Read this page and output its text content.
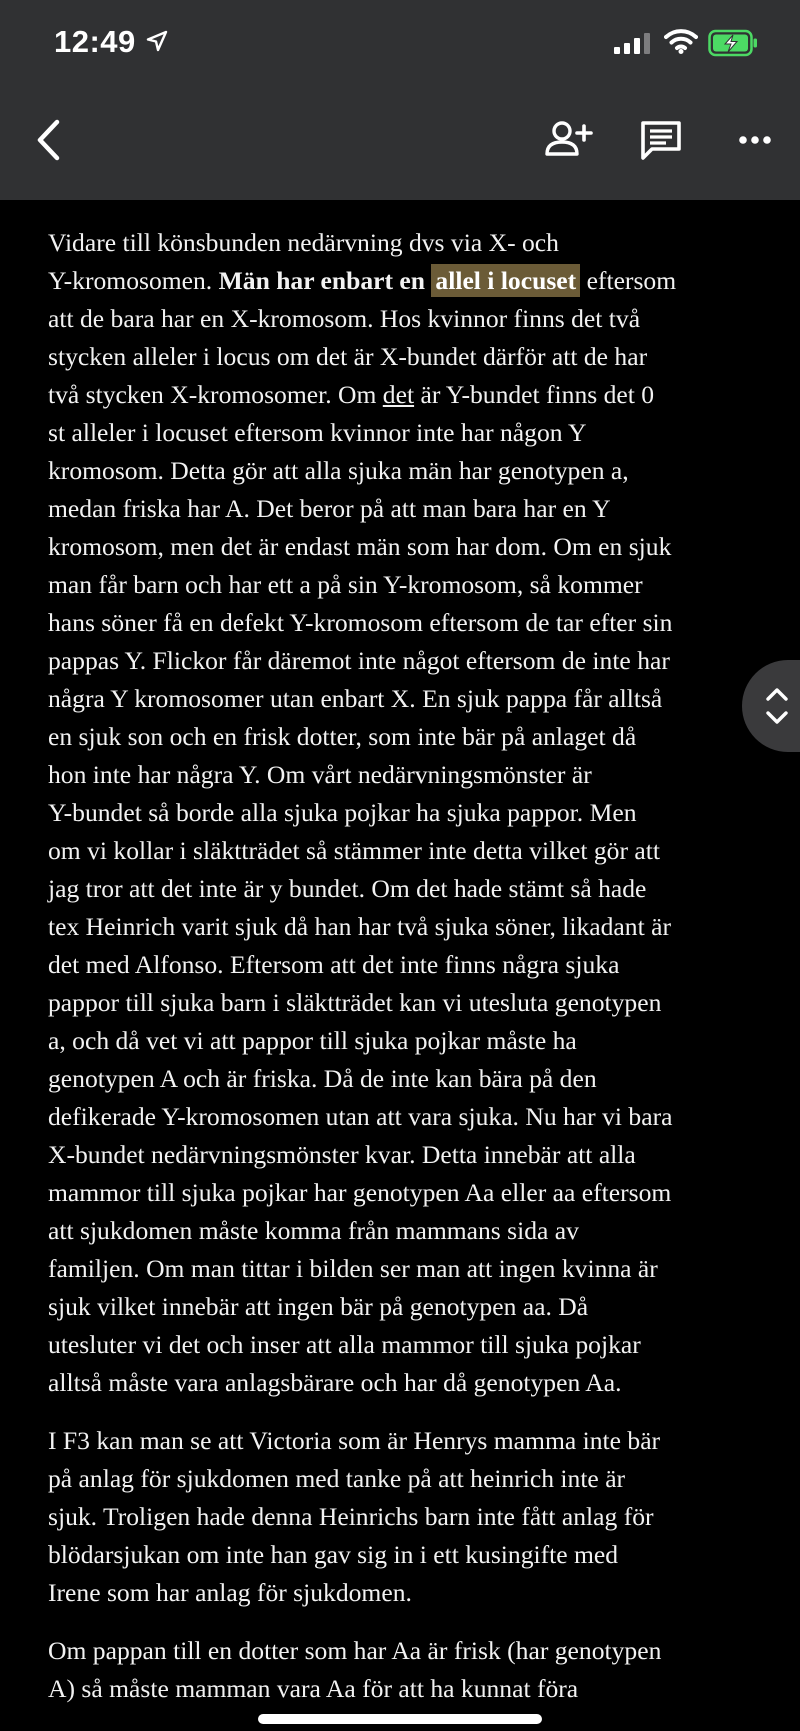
12:49

Vidare till könsbunden nedärvning dvs via X- och
Y-kromosomen. Män har enbart en allel i locuset eftersom
att de bara har en X-kromosom. Hos kvinnor finns det två
stycken alleler i locus om det är X-bundet därför att de har
två stycken X-kromosomer. Om det är Y-bundet finns det 0
st alleler i locuset eftersom kvinnor inte har någon Y
kromosom. Detta gör att alla sjuka män har genotypen a,
medan friska har A. Det beror på att man bara har en Y
kromosom, men det är endast män som har dom. Om en sjuk
man får barn och har ett a på sin Y-kromosom, så kommer
hans söner få en defekt Y-kromosom eftersom de tar efter sin
pappas Y. Flickor får däremot inte något eftersom de inte har
några Y kromosomer utan enbart X. En sjuk pappa får alltså
en sjuk son och en frisk dotter, som inte bär på anlaget då
hon inte har några Y. Om vårt nedärvningsmönster är
Y-bundet så borde alla sjuka pojkar ha sjuka pappor. Men
om vi kollar i släktträdet så stämmer inte detta vilket gör att
jag tror att det inte är y bundet. Om det hade stämt så hade
tex Heinrich varit sjuk då han har två sjuka söner, likadant är
det med Alfonso. Eftersom att det inte finns några sjuka
pappor till sjuka barn i släktträdet kan vi utesluta genotypen
a, och då vet vi att pappor till sjuka pojkar måste ha
genotypen A och är friska. Då de inte kan bära på den
defikerade Y-kromosomen utan att vara sjuka. Nu har vi bara
X-bundet nedärvningsmönster kvar. Detta innebär att alla
mammor till sjuka pojkar har genotypen Aa eller aa eftersom
att sjukdomen måste komma från mammans sida av
familjen. Om man tittar i bilden ser man att ingen kvinna är
sjuk vilket innebär att ingen bär på genotypen aa. Då
utesluter vi det och inser att alla mammor till sjuka pojkar
alltså måste vara anlagsbärare och har då genotypen Aa.

I F3 kan man se att Victoria som är Henrys mamma inte bär
på anlag för sjukdomen med tanke på att heinrich inte är
sjuk. Troligen hade denna Heinrichs barn inte fått anlag för
blödarsjukan om inte han gav sig in i ett kusingifte med
Irene som har anlag för sjukdomen.

Om pappan till en dotter som har Aa är frisk (har genotypen
A) så måste mamman vara Aa för att ha kunnat föra
